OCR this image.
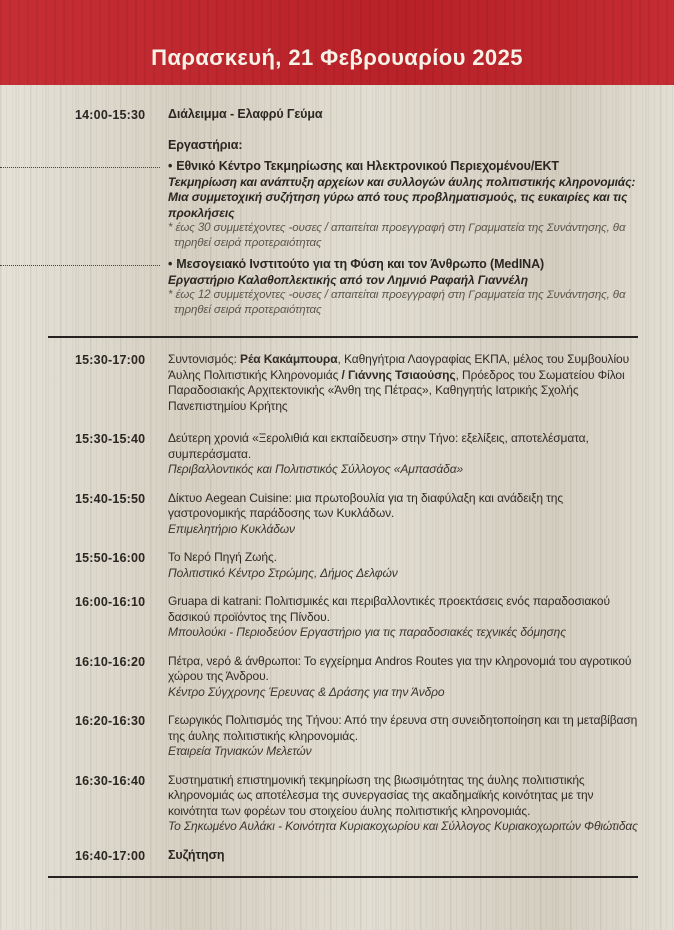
Παρασκευή, 21 Φεβρουαρίου 2025
14:00-15:30	Διάλειμμα - Ελαφρύ Γεύμα
Εργαστήρια:
• Εθνικό Κέντρο Τεκμηρίωσης και Ηλεκτρονικού Περιεχομένου/ΕΚΤ
Τεκμηρίωση και ανάπτυξη αρχείων και συλλογών άυλης πολιτιστικής κληρονομιάς: Μια συμμετοχική συζήτηση γύρω από τους προβληματισμούς, τις ευκαιρίες και τις προκλήσεις
* έως 30 συμμετέχοντες -ουσες / απαιτείται προεγγραφή στη Γραμματεία της Συνάντησης, θα τηρηθεί σειρά προτεραιότητας
• Μεσογειακό Ινστιτούτο για τη Φύση και τον Άνθρωπο (MedINA)
Εργαστήριο Καλαθοπλεκτικής από τον Λημνιό Ραφαήλ Γιαννέλη
* έως 12 συμμετέχοντες -ουσες / απαιτείται προεγγραφή στη Γραμματεία της Συνάντησης, θα τηρηθεί σειρά προτεραιότητας
15:30-17:00	Συντονισμός: Ρέα Κακάμπουρα, Καθηγήτρια Λαογραφίας ΕΚΠΑ, μέλος του Συμβουλίου Άυλης Πολιτιστικής Κληρονομιάς / Γιάννης Τσιαούσης, Πρόεδρος του Σωματείου Φίλοι Παραδοσιακής Αρχιτεκτονικής «Άνθη της Πέτρας», Καθηγητής Ιατρικής Σχολής Πανεπιστημίου Κρήτης

15:30-15:40	Δεύτερη χρονιά «Ξερολιθιά και εκπαίδευση» στην Τήνο: εξελίξεις, αποτελέσματα, συμπεράσματα.
Περιβαλλοντικός και Πολιτιστικός Σύλλογος «Αμπασάδα»
15:40-15:50	Δίκτυο Aegean Cuisine: μια πρωτοβουλία για τη διαφύλαξη και ανάδειξη της γαστρονομικής παράδοσης των Κυκλάδων.
Επιμελητήριο Κυκλάδων
15:50-16:00	Το Νερό Πηγή Ζωής.
Πολιτιστικό Κέντρο Στρώμης, Δήμος Δελφών
16:00-16:10	Gruapa di katrani: Πολιτισμικές και περιβαλλοντικές προεκτάσεις ενός παραδοσιακού δασικού προϊόντος της Πίνδου.
Μπουλούκι - Περιοδεύον Εργαστήριο για τις παραδοσιακές τεχνικές δόμησης
16:10-16:20	Πέτρα, νερό & άνθρωποι: Το εγχείρημα Andros Routes για την κληρονομιά του αγροτικού χώρου της Άνδρου.
Κέντρο Σύγχρονης Έρευνας & Δράσης για την Άνδρο
16:20-16:30	Γεωργικός Πολιτισμός της Τήνου: Από την έρευνα στη συνειδητοποίηση και τη μεταβίβαση της άυλης πολιτιστικής κληρονομιάς.
Εταιρεία Τηνιακών Μελετών
16:30-16:40	Συστηματική επιστημονική τεκμηρίωση της βιωσιμότητας της άυλης πολιτιστικής κληρονομιάς ως αποτέλεσμα της συνεργασίας της ακαδημαϊκής κοινότητας με την κοινότητα των φορέων του στοιχείου άυλης πολιτιστικής κληρονομιάς.
Το Σηκωμένο Αυλάκι - Κοινότητα Κυριακοχωρίου και Σύλλογος Κυριακοχωριτών Φθιώτιδας
16:40-17:00	Συζήτηση
